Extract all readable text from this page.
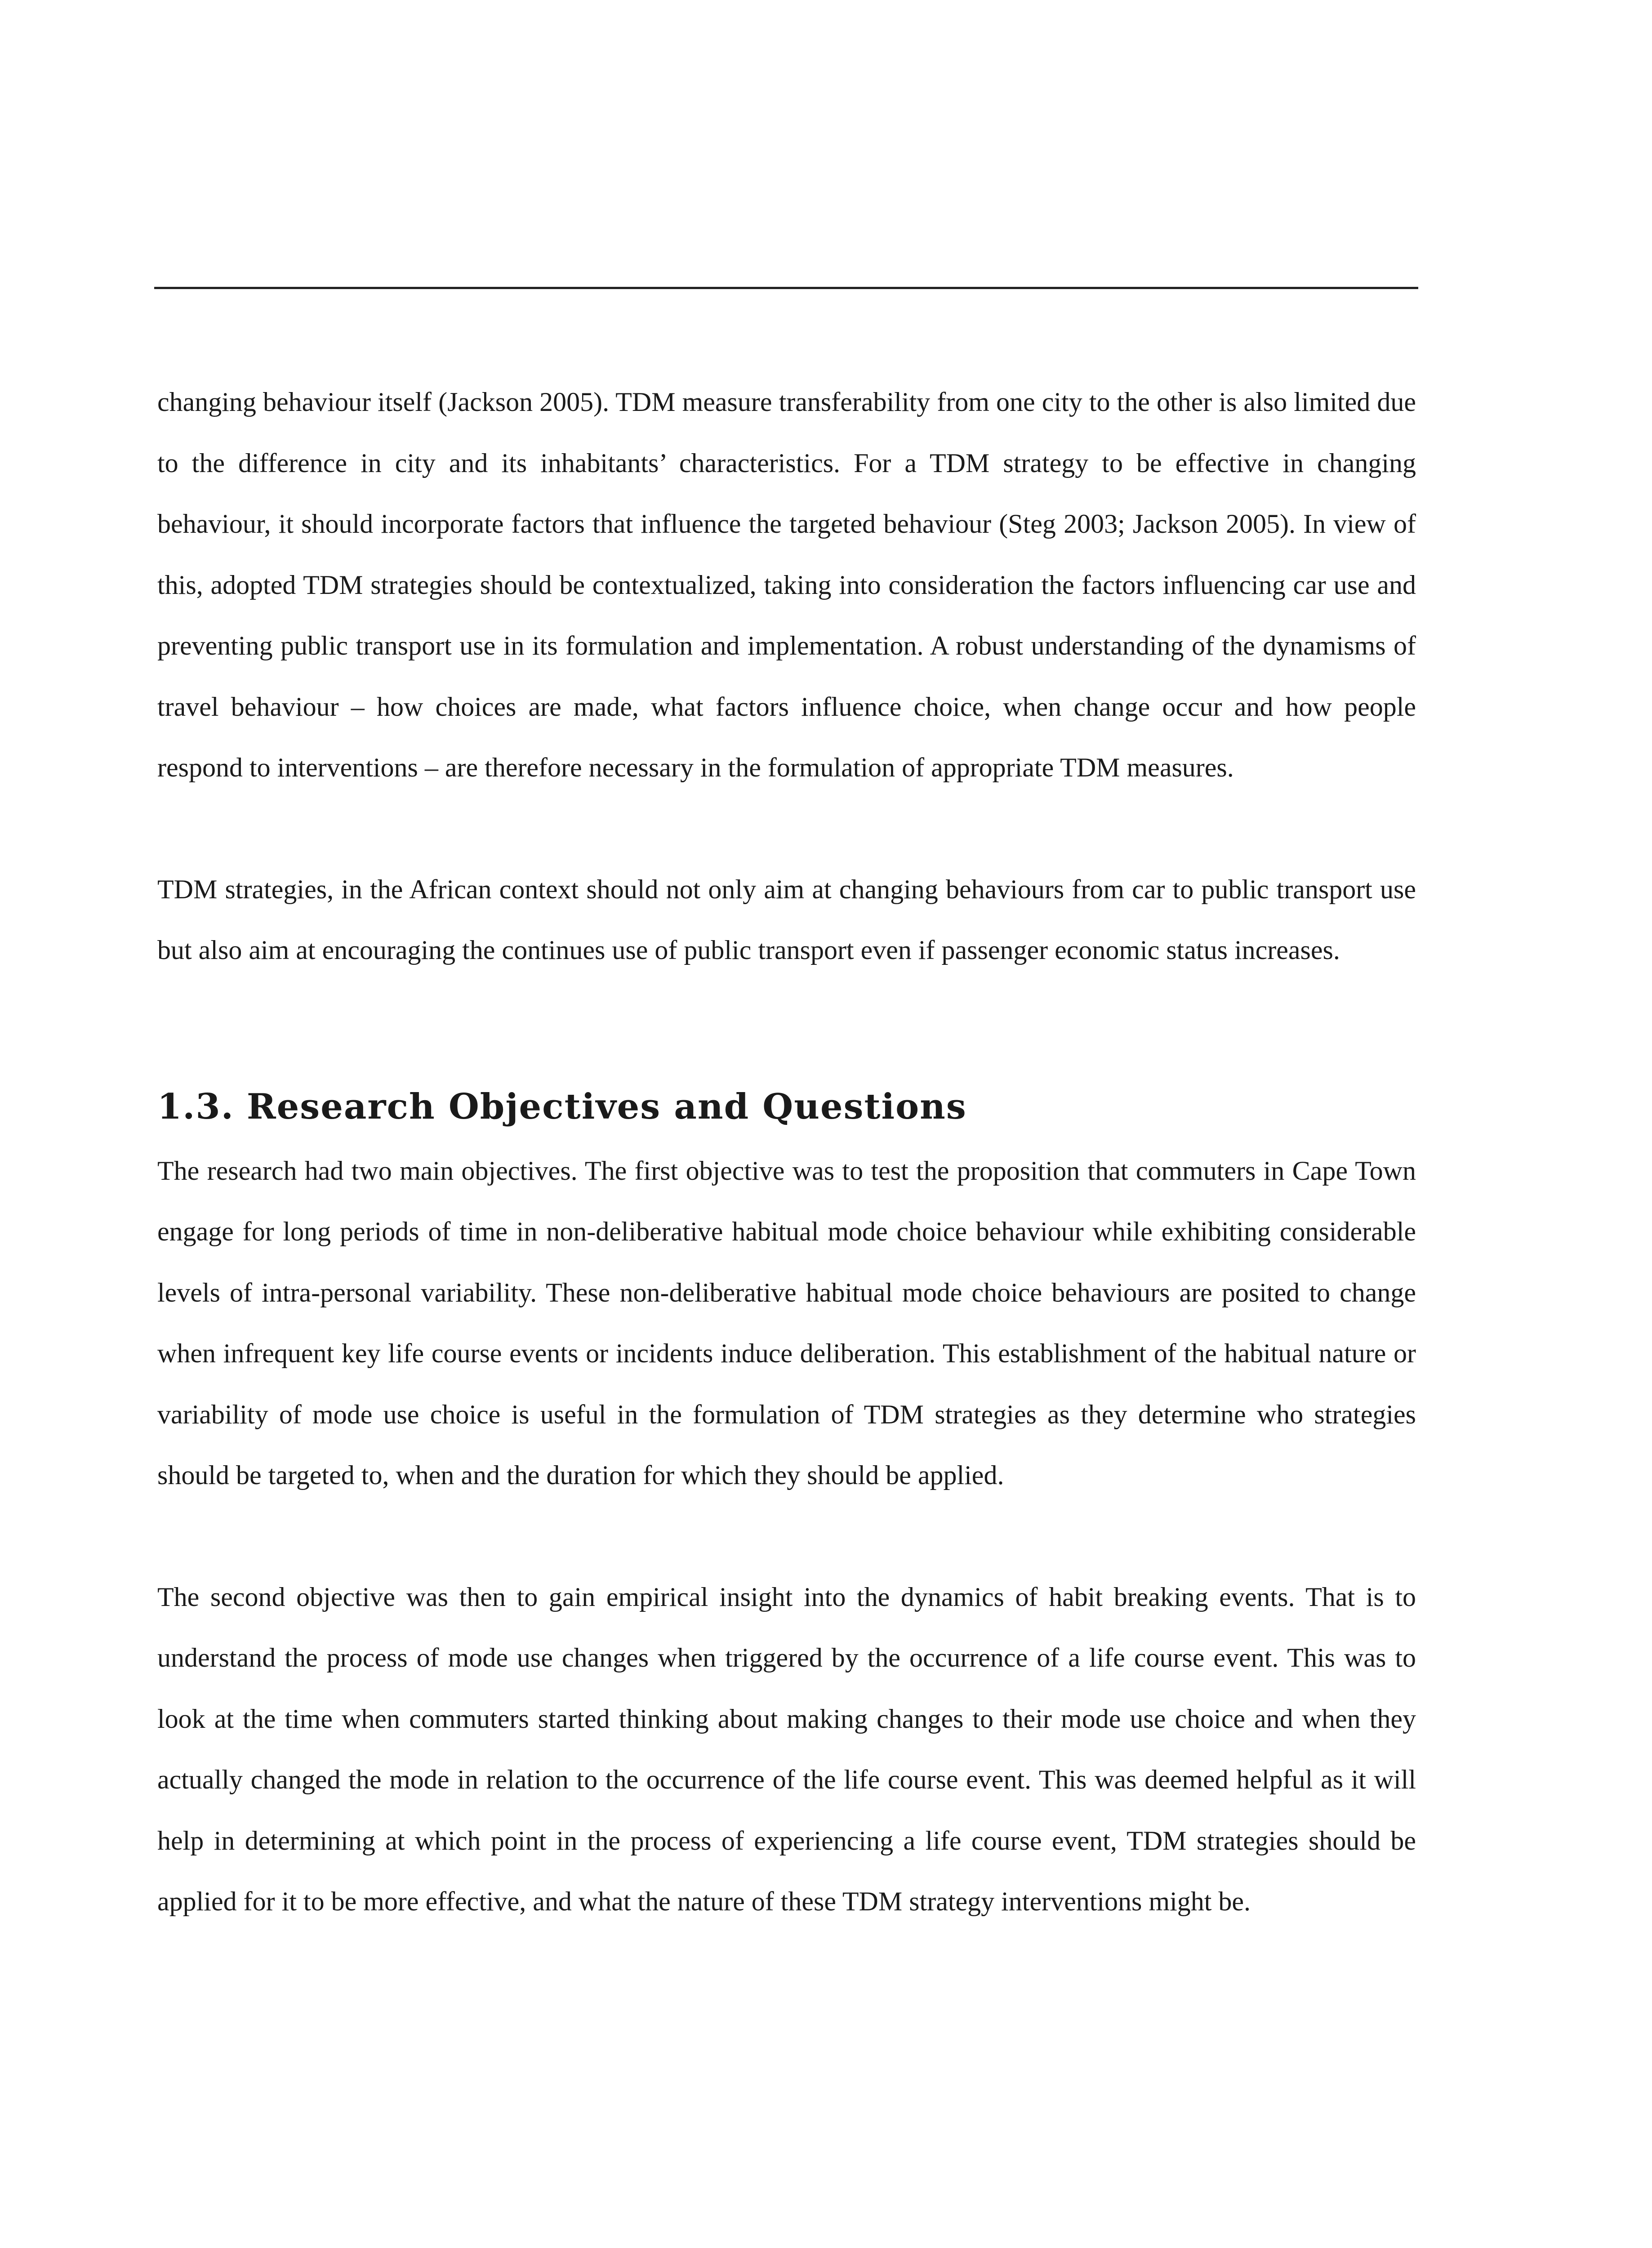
changing behaviour itself (Jackson 2005). TDM measure transferability from one city to the other is also limited due to the difference in city and its inhabitants’ characteristics. For a TDM strategy to be effective in changing behaviour, it should incorporate factors that influence the targeted behaviour (Steg 2003; Jackson 2005). In view of this, adopted TDM strategies should be contextualized, taking into consideration the factors influencing car use and preventing public transport use in its formulation and implementation. A robust understanding of the dynamisms of travel behaviour – how choices are made, what factors influence choice, when change occur and how people respond to interventions – are therefore necessary in the formulation of appropriate TDM measures.

TDM strategies, in the African context should not only aim at changing behaviours from car to public transport use but also aim at encouraging the continues use of public transport even if passenger economic status increases.

1.3. Research Objectives and Questions

The research had two main objectives. The first objective was to test the proposition that commuters in Cape Town engage for long periods of time in non-deliberative habitual mode choice behaviour while exhibiting considerable levels of intra-personal variability. These non-deliberative habitual mode choice behaviours are posited to change when infrequent key life course events or incidents induce deliberation. This establishment of the habitual nature or variability of mode use choice is useful in the formulation of TDM strategies as they determine who strategies should be targeted to, when and the duration for which they should be applied.

The second objective was then to gain empirical insight into the dynamics of habit breaking events. That is to understand the process of mode use changes when triggered by the occurrence of a life course event. This was to look at the time when commuters started thinking about making changes to their mode use choice and when they actually changed the mode in relation to the occurrence of the life course event. This was deemed helpful as it will help in determining at which point in the process of experiencing a life course event, TDM strategies should be applied for it to be more effective, and what the nature of these TDM strategy interventions might be.
